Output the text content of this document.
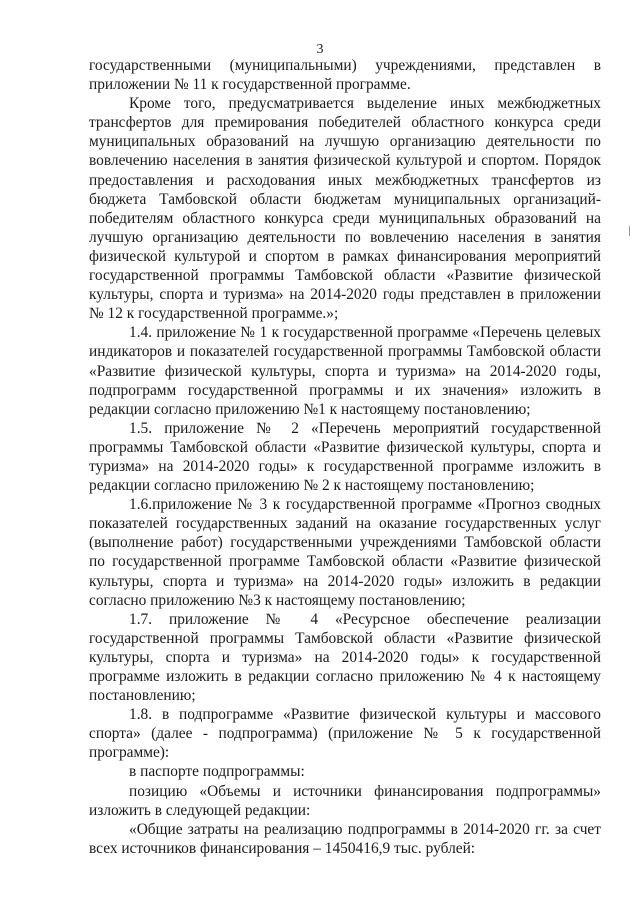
3

государственными (муниципальными) учреждениями, представлен в приложении № 11 к государственной программе.

Кроме того, предусматривается выделение иных межбюджетных трансфертов для премирования победителей областного конкурса среди муниципальных образований на лучшую организацию деятельности по вовлечению населения в занятия физической культурой и спортом. Порядок предоставления и расходования иных межбюджетных трансфертов из бюджета Тамбовской области бюджетам муниципальных организаций-победителям областного конкурса среди муниципальных образований на лучшую организацию деятельности по вовлечению населения в занятия физической культурой и спортом в рамках финансирования мероприятий государственной программы Тамбовской области «Развитие физической культуры, спорта и туризма» на 2014-2020 годы представлен в приложении № 12 к государственной программе.»;

1.4. приложение № 1 к государственной программе «Перечень целевых индикаторов и показателей государственной программы Тамбовской области «Развитие физической культуры, спорта и туризма» на 2014-2020 годы, подпрограмм государственной программы и их значения» изложить в редакции согласно приложению №1 к настоящему постановлению;

1.5. приложение № 2 «Перечень мероприятий государственной программы Тамбовской области «Развитие физической культуры, спорта и туризма» на 2014-2020 годы» к государственной программе изложить в редакции согласно приложению № 2 к настоящему постановлению;

1.6.приложение № 3 к государственной программе «Прогноз сводных показателей государственных заданий на оказание государственных услуг (выполнение работ) государственными учреждениями Тамбовской области по государственной программе Тамбовской области «Развитие физической культуры, спорта и туризма» на 2014-2020 годы» изложить в редакции согласно приложению №3 к настоящему постановлению;

1.7. приложение № 4 «Ресурсное обеспечение реализации государственной программы Тамбовской области «Развитие физической культуры, спорта и туризма» на 2014-2020 годы» к государственной программе изложить в редакции согласно приложению № 4 к настоящему постановлению;

1.8. в подпрограмме «Развитие физической культуры и массового спорта» (далее - подпрограмма) (приложение № 5 к государственной программе):

в паспорте подпрограммы:

позицию «Объемы и источники финансирования подпрограммы» изложить в следующей редакции:

«Общие затраты на реализацию подпрограммы в 2014-2020 гг. за счет всех источников финансирования – 1450416,9 тыс. рублей:
